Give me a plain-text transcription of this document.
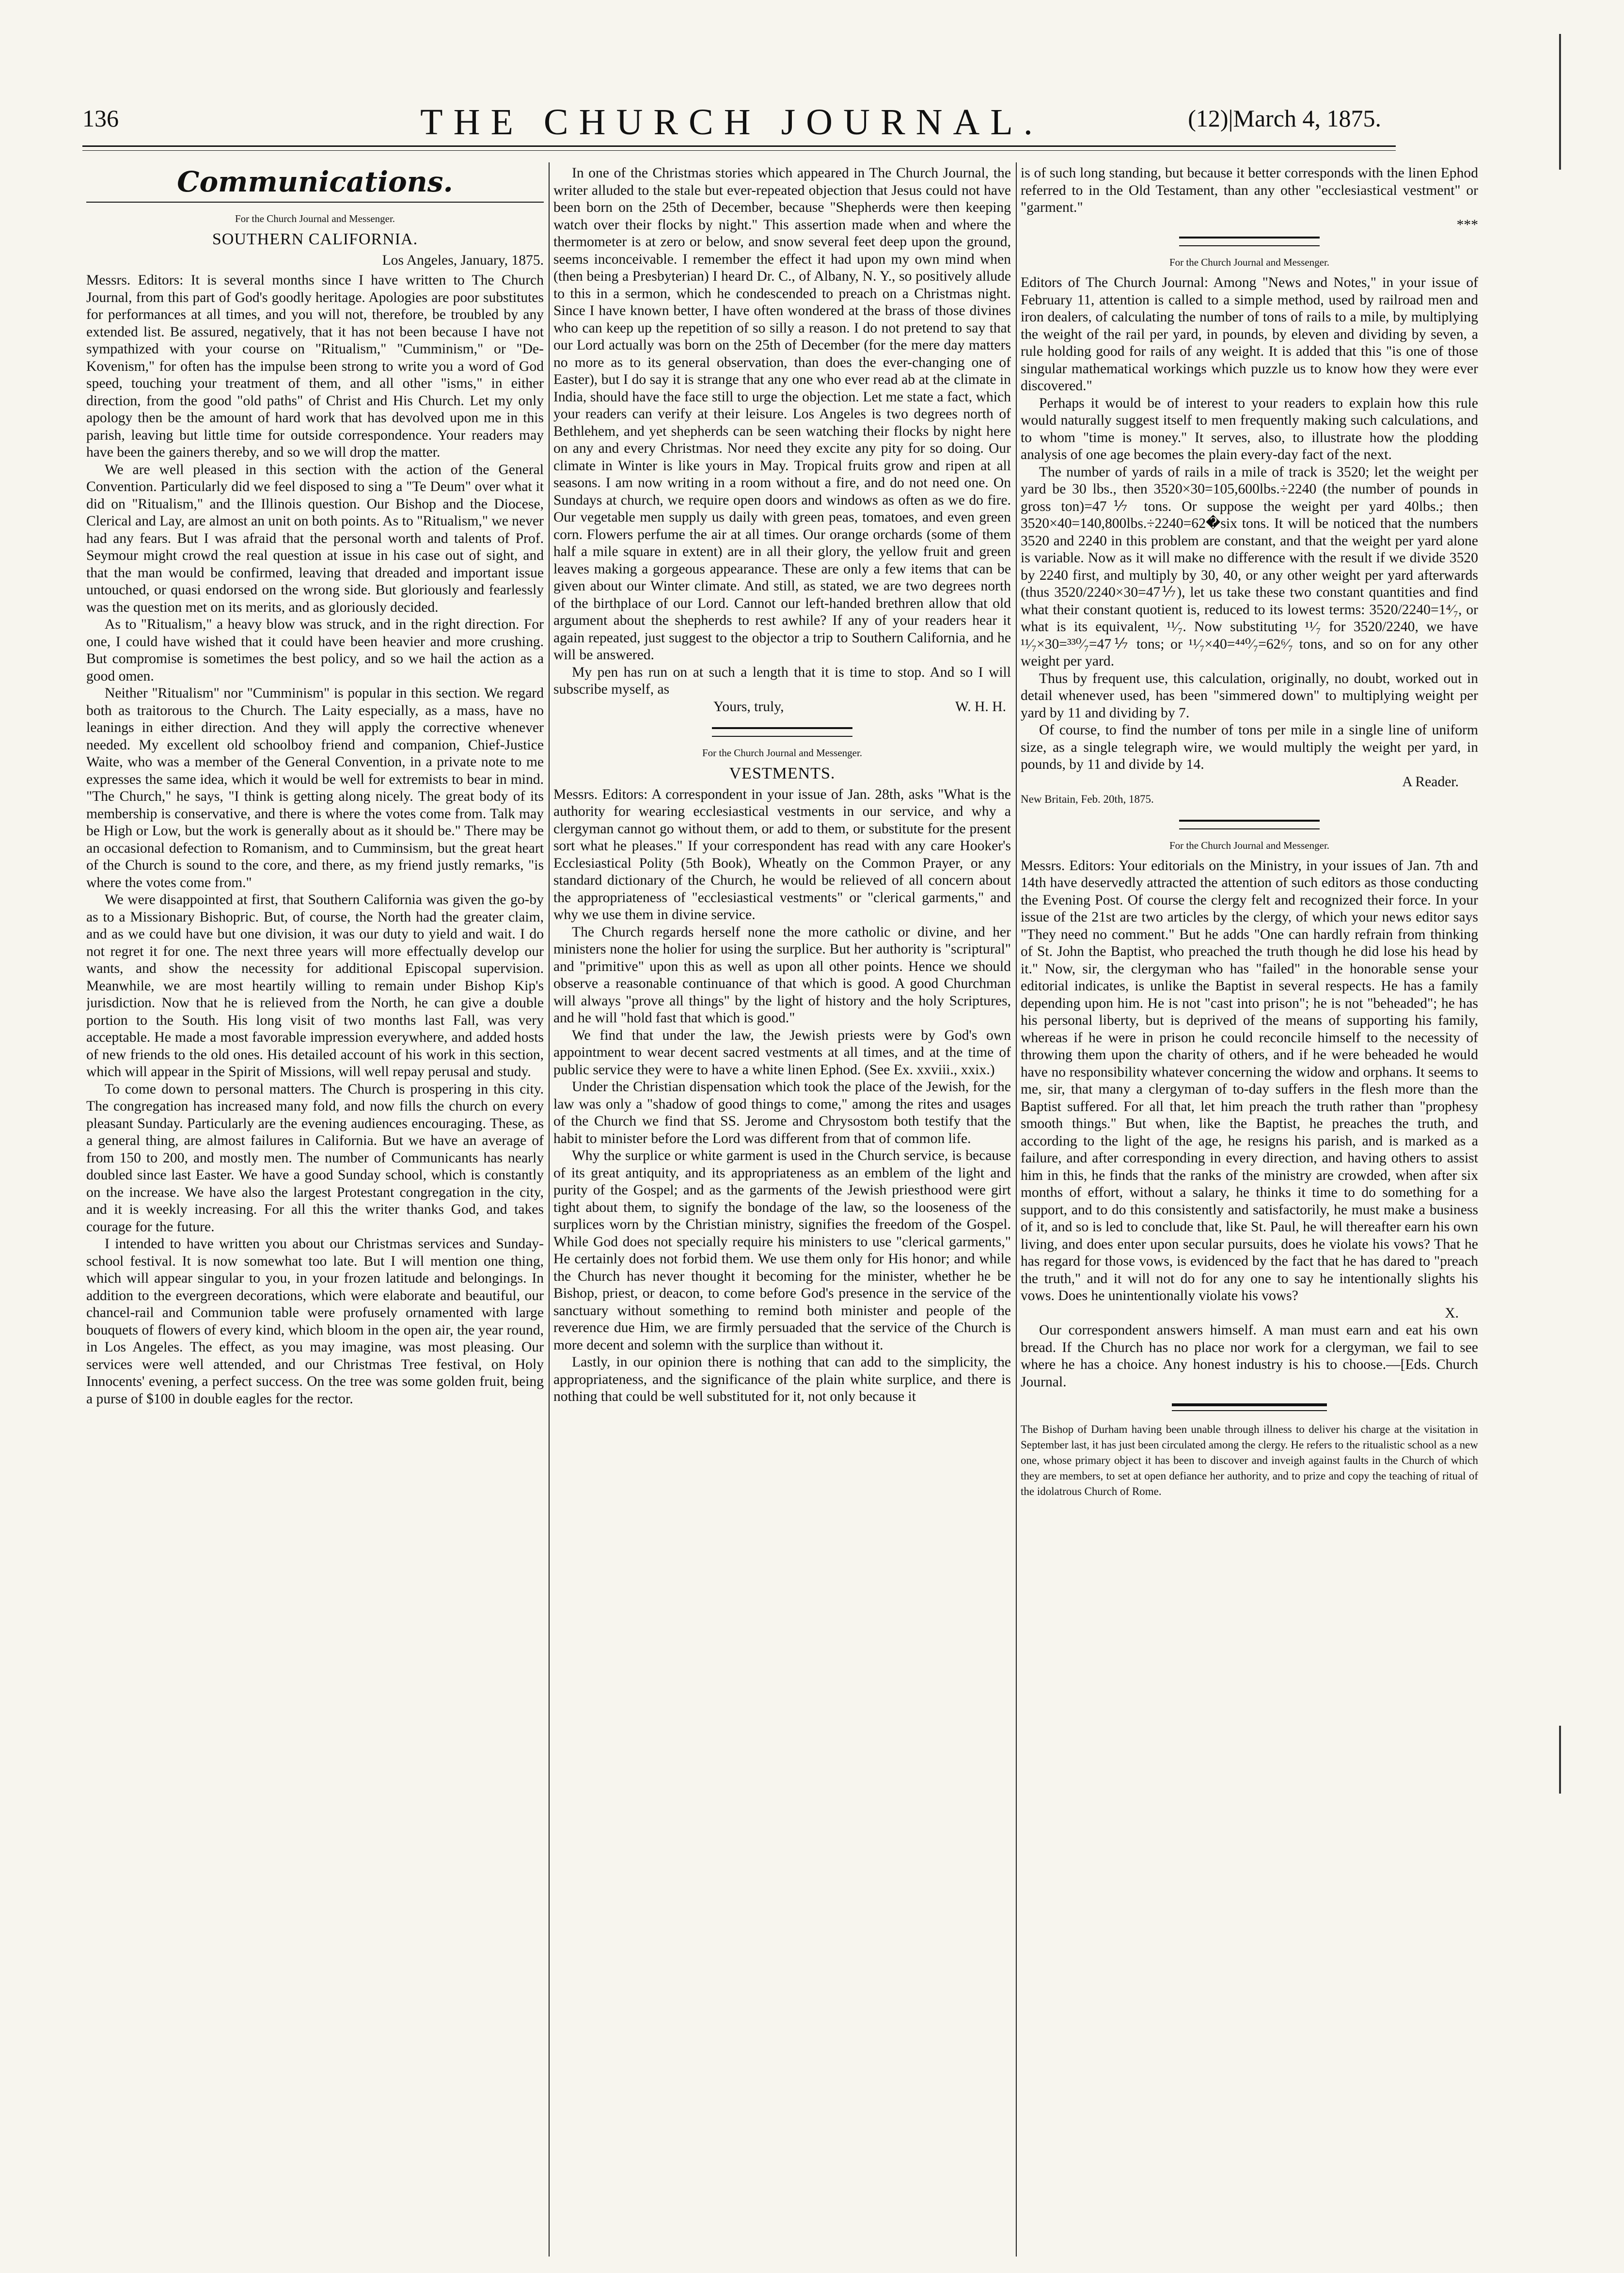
136	THE CHURCH JOURNAL.	(12)|March 4, 1875.
Communications.
For the Church Journal and Messenger.
SOUTHERN CALIFORNIA.
Los Angeles, January, 1875.

Messrs. Editors: It is several months since I have written to The Church Journal, from this part of God's goodly heritage. Apologies are poor substitutes for performances at all times, and you will not, therefore, be troubled by any extended list. Be assured, negatively, that it has not been because I have not sympathized with your course on "Ritualism," "Cumminism," or "De-Kovenism," for often has the impulse been strong to write you a word of God speed, touching your treatment of them, and all other "isms," in either direction, from the good "old paths" of Christ and His Church. Let my only apology then be the amount of hard work that has devolved upon me in this parish, leaving but little time for outside correspondence. Your readers may have been the gainers thereby, and so we will drop the matter.

We are well pleased in this section with the action of the General Convention. Particularly did we feel disposed to sing a "Te Deum" over what it did on "Ritualism," and the Illinois question. Our Bishop and the Diocese, Clerical and Lay, are almost an unit on both points. As to "Ritualism," we never had any fears. But I was afraid that the personal worth and talents of Prof. Seymour might crowd the real question at issue in his case out of sight, and that the man would be confirmed, leaving that dreaded and important issue untouched, or quasi endorsed on the wrong side. But gloriously and fearlessly was the question met on its merits, and as gloriously decided.

As to "Ritualism," a heavy blow was struck, and in the right direction. For one, I could have wished that it could have been heavier and more crushing. But compromise is sometimes the best policy, and so we hail the action as a good omen.

Neither "Ritualism" nor "Cumminism" is popular in this section. We regard both as traitorous to the Church. The Laity especially, as a mass, have no leanings in either direction. And they will apply the corrective whenever needed. My excellent old schoolboy friend and companion, Chief-Justice Waite, who was a member of the General Convention, in a private note to me expresses the same idea, which it would be well for extremists to bear in mind. "The Church," he says, "I think is getting along nicely. The great body of its membership is conservative, and there is where the votes come from. Talk may be High or Low, but the work is generally about as it should be." There may be an occasional defection to Romanism, and to Cumminsism, but the great heart of the Church is sound to the core, and there, as my friend justly remarks, "is where the votes come from."

We were disappointed at first, that Southern California was given the go-by as to a Missionary Bishopric. But, of course, the North had the greater claim, and as we could have but one division, it was our duty to yield and wait. I do not regret it for one. The next three years will more effectually develop our wants, and show the necessity for additional Episcopal supervision. Meanwhile, we are most heartily willing to remain under Bishop Kip's jurisdiction. Now that he is relieved from the North, he can give a double portion to the South. His long visit of two months last Fall, was very acceptable. He made a most favorable impression everywhere, and added hosts of new friends to the old ones. His detailed account of his work in this section, which will appear in the Spirit of Missions, will well repay perusal and study.

To come down to personal matters. The Church is prospering in this city. The congregation has increased many fold, and now fills the church on every pleasant Sunday. Particularly are the evening audiences encouraging. These, as a general thing, are almost failures in California. But we have an average of from 150 to 200, and mostly men. The number of Communicants has nearly doubled since last Easter. We have a good Sunday school, which is constantly on the increase. We have also the largest Protestant congregation in the city, and it is weekly increasing. For all this the writer thanks God, and takes courage for the future.

I intended to have written you about our Christmas services and Sunday-school festival. It is now somewhat too late. But I will mention one thing, which will appear singular to you, in your frozen latitude and belongings. In addition to the evergreen decorations, which were elaborate and beautiful, our chancel-rail and Communion table were profusely ornamented with large bouquets of flowers of every kind, which bloom in the open air, the year round, in Los Angeles. The effect, as you may imagine, was most pleasing. Our services were well attended, and our Christmas Tree festival, on Holy Innocents' evening, a perfect success. On the tree was some golden fruit, being a purse of $100 in double eagles for the rector.

In one of the Christmas stories which appeared in The Church Journal, the writer alluded to the stale but ever-repeated objection that Jesus could not have been born on the 25th of December, because "Shepherds were then keeping watch over their flocks by night." This assertion made when and where the thermometer is at zero or below, and snow several feet deep upon the ground, seems inconceivable. I remember the effect it had upon my own mind when (then being a Presbyterian) I heard Dr. C., of Albany, N. Y., so positively allude to this in a sermon, which he condescended to preach on a Christmas night. Since I have known better, I have often wondered at the brass of those divines who can keep up the repetition of so silly a reason. I do not pretend to say that our Lord actually was born on the 25th of December (for the mere day matters no more as to its general observation, than does the ever-changing one of Easter), but I do say it is strange that any one who ever read ab at the climate in India, should have the face still to urge the objection. Let me state a fact, which your readers can verify at their leisure. Los Angeles is two degrees north of Bethlehem, and yet shepherds can be seen watching their flocks by night here on any and every Christmas. Nor need they excite any pity for so doing. Our climate in Winter is like yours in May. Tropical fruits grow and ripen at all seasons. I am now writing in a room without a fire, and do not need one. On Sundays at church, we require open doors and windows as often as we do fire. Our vegetable men supply us daily with green peas, tomatoes, and even green corn. Flowers perfume the air at all times. Our orange orchards (some of them half a mile square in extent) are in all their glory, the yellow fruit and green leaves making a gorgeous appearance. These are only a few items that can be given about our Winter climate. And still, as stated, we are two degrees north of the birthplace of our Lord. Cannot our left-handed brethren allow that old argument about the shepherds to rest awhile? If any of your readers hear it again repeated, just suggest to the objector a trip to Southern California, and he will be answered.

My pen has run on at such a length that it is time to stop. And so I will subscribe myself, as

Yours, truly,	W. H. H.

For the Church Journal and Messenger.
VESTMENTS.

Messrs. Editors: A correspondent in your issue of Jan. 28th, asks "What is the authority for wearing ecclesiastical vestments in our service, and why a clergyman cannot go without them, or add to them, or substitute for the present sort what he pleases." If your correspondent has read with any care Hooker's Ecclesiastical Polity (5th Book), Wheatly on the Common Prayer, or any standard dictionary of the Church, he would be relieved of all concern about the appropriateness of "ecclesiastical vestments" or "clerical garments," and why we use them in divine service.

The Church regards herself none the more catholic or divine, and her ministers none the holier for using the surplice. But her authority is "scriptural" and "primitive" upon this as well as upon all other points. Hence we should observe a reasonable continuance of that which is good. A good Churchman will always "prove all things" by the light of history and the holy Scriptures, and he will "hold fast that which is good."

We find that under the law, the Jewish priests were by God's own appointment to wear decent sacred vestments at all times, and at the time of public service they were to have a white linen Ephod. (See Ex. xxviii., xxix.)

Under the Christian dispensation which took the place of the Jewish, for the law was only a "shadow of good things to come," among the rites and usages of the Church we find that SS. Jerome and Chrysostom both testify that the habit to minister before the Lord was different from that of common life.

Why the surplice or white garment is used in the Church service, is because of its great antiquity, and its appropriateness as an emblem of the light and purity of the Gospel; and as the garments of the Jewish priesthood were girt tight about them, to signify the bondage of the law, so the looseness of the surplices worn by the Christian ministry, signifies the freedom of the Gospel. While God does not specially require his ministers to use "clerical garments," He certainly does not forbid them. We use them only for His honor; and while the Church has never thought it becoming for the minister, whether he be Bishop, priest, or deacon, to come before God's presence in the service of the sanctuary without something to remind both minister and people of the reverence due Him, we are firmly persuaded that the service of the Church is more decent and solemn with the surplice than without it.

Lastly, in our opinion there is nothing that can add to the simplicity, the appropriateness, and the significance of the plain white surplice, and there is nothing that could be well substituted for it, not only because it

is of such long standing, but because it better corresponds with the linen Ephod referred to in the Old Testament, than any other "ecclesiastical vestment" or "garment."

***
For the Church Journal and Messenger.

Editors of The Church Journal: Among "News and Notes," in your issue of February 11, attention is called to a simple method, used by railroad men and iron dealers, of calculating the number of tons of rails to a mile, by multiplying the weight of the rail per yard, in pounds, by eleven and dividing by seven, a rule holding good for rails of any weight. It is added that this "is one of those singular mathematical workings which puzzle us to know how they were ever discovered."

Perhaps it would be of interest to your readers to explain how this rule would naturally suggest itself to men frequently making such calculations, and to whom "time is money." It serves, also, to illustrate how the plodding analysis of one age becomes the plain every-day fact of the next.

The number of yards of rails in a mile of track is 3520; let the weight per yard be 30 lbs., then 3520×30=105,600lbs.÷2240 (the number of pounds in gross ton)=47⅐ tons. Or suppose the weight per yard 40lbs.; then 3520×40=140,800lbs.÷2240=62�six tons. It will be noticed that the numbers 3520 and 2240 in this problem are constant, and that the weight per yard alone is variable. Now as it will make no difference with the result if we divide 3520 by 2240 first, and multiply by 30, 40, or any other weight per yard afterwards (thus 3520/2240×30=47⅐), let us take these two constant quantities and find what their constant quotient is, reduced to its lowest terms: 3520/2240=1⁴⁄₇, or what is its equivalent, ¹¹⁄₇. Now substituting ¹¹⁄₇ for 3520/2240, we have ¹¹⁄₇×30=³³⁰⁄₇=47⅐ tons; or ¹¹⁄₇×40=⁴⁴⁰⁄₇=62⁶⁄₇ tons, and so on for any other weight per yard.

Thus by frequent use, this calculation, originally, no doubt, worked out in detail whenever used, has been "simmered down" to multiplying weight per yard by 11 and dividing by 7.

Of course, to find the number of tons per mile in a single line of uniform size, as a single telegraph wire, we would multiply the weight per yard, in pounds, by 11 and divide by 14.

A Reader.

New Britain, Feb. 20th, 1875.

For the Church Journal and Messenger.

Messrs. Editors: Your editorials on the Ministry, in your issues of Jan. 7th and 14th have deservedly attracted the attention of such editors as those conducting the Evening Post. Of course the clergy felt and recognized their force. In your issue of the 21st are two articles by the clergy, of which your news editor says "They need no comment." But he adds "One can hardly refrain from thinking of St. John the Baptist, who preached the truth though he did lose his head by it." Now, sir, the clergyman who has "failed" in the honorable sense your editorial indicates, is unlike the Baptist in several respects. He has a family depending upon him. He is not "cast into prison"; he is not "beheaded"; he has his personal liberty, but is deprived of the means of supporting his family, whereas if he were in prison he could reconcile himself to the necessity of throwing them upon the charity of others, and if he were beheaded he would have no responsibility whatever concerning the widow and orphans. It seems to me, sir, that many a clergyman of to-day suffers in the flesh more than the Baptist suffered. For all that, let him preach the truth rather than "prophesy smooth things." But when, like the Baptist, he preaches the truth, and according to the light of the age, he resigns his parish, and is marked as a failure, and after corresponding in every direction, and having others to assist him in this, he finds that the ranks of the ministry are crowded, when after six months of effort, without a salary, he thinks it time to do something for a support, and to do this consistently and satisfactorily, he must make a business of it, and so is led to conclude that, like St. Paul, he will thereafter earn his own living, and does enter upon secular pursuits, does he violate his vows? That he has regard for those vows, is evidenced by the fact that he has dared to "preach the truth," and it will not do for any one to say he intentionally slights his vows. Does he unintentionally violate his vows?

X.

Our correspondent answers himself. A man must earn and eat his own bread. If the Church has no place nor work for a clergyman, we fail to see where he has a choice. Any honest industry is his to choose.—[Eds. Church Journal.

The Bishop of Durham having been unable through illness to deliver his charge at the visitation in September last, it has just been circulated among the clergy. He refers to the ritualistic school as a new one, whose primary object it has been to discover and inveigh against faults in the Church of which they are members, to set at open defiance her authority, and to prize and copy the teaching of ritual of the idolatrous Church of Rome.
